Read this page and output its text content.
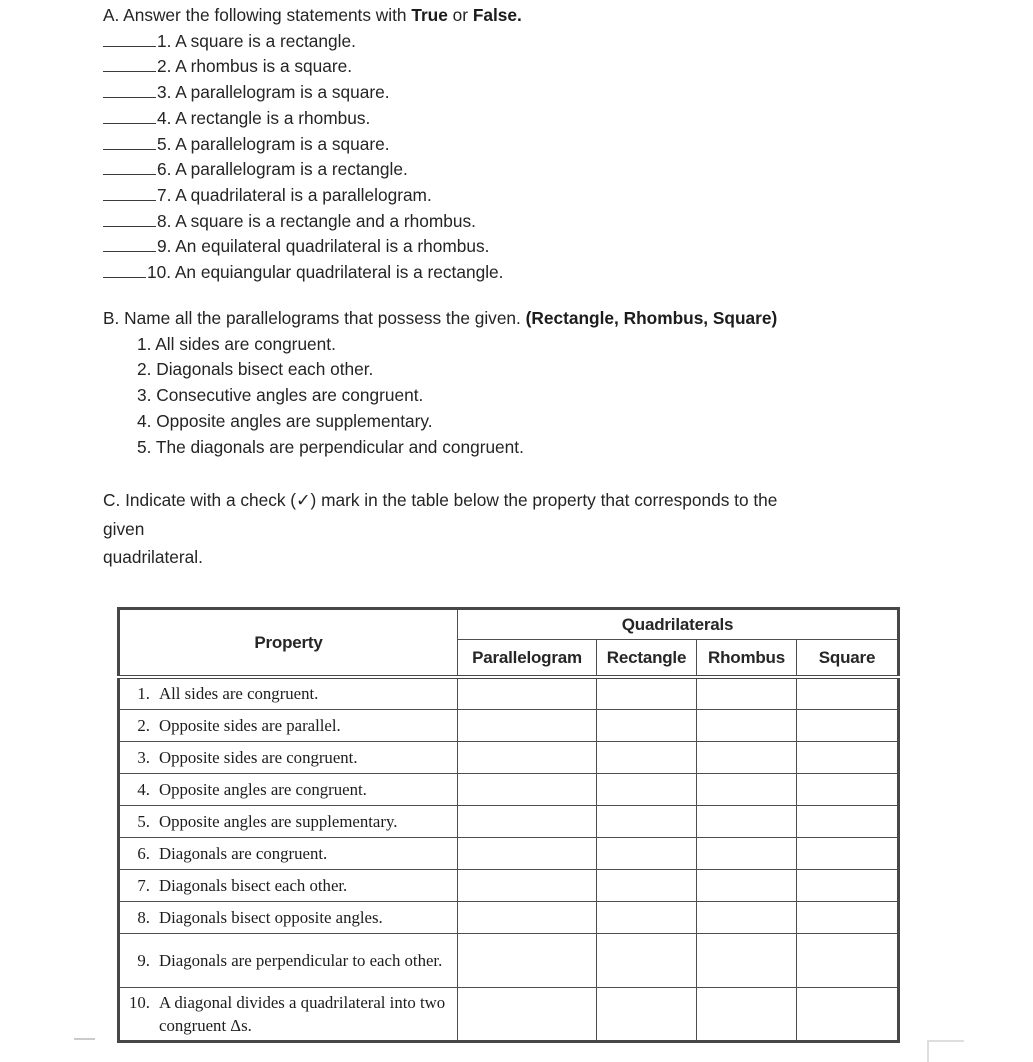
A. Answer the following statements with True or False.
1. A square is a rectangle.
2. A rhombus is a square.
3. A parallelogram is a square.
4. A rectangle is a rhombus.
5. A parallelogram is a square.
6. A parallelogram is a rectangle.
7. A quadrilateral is a parallelogram.
8. A square is a rectangle and a rhombus.
9. An equilateral quadrilateral is a rhombus.
10. An equiangular quadrilateral is a rectangle.
B. Name all the parallelograms that possess the given. (Rectangle, Rhombus, Square)
1. All sides are congruent.
2. Diagonals bisect each other.
3. Consecutive angles are congruent.
4. Opposite angles are supplementary.
5. The diagonals are perpendicular and congruent.
C. Indicate with a check (✓) mark in the table below the property that corresponds to the
given
quadrilateral.
Property	Quadrilaterals			
	Parallelogram	Rectangle	Rhombus	Square

1. All sides are congruent.				

2. Opposite sides are parallel.				

3. Opposite sides are congruent.				

4. Opposite angles are congruent.				

5. Opposite angles are supplementary.				

6. Diagonals are congruent.				

7. Diagonals bisect each other.				

8. Diagonals bisect opposite angles.				

9. Diagonals are perpendicular to each other.				

10. A diagonal divides a quadrilateral into two congruent Δs.				
